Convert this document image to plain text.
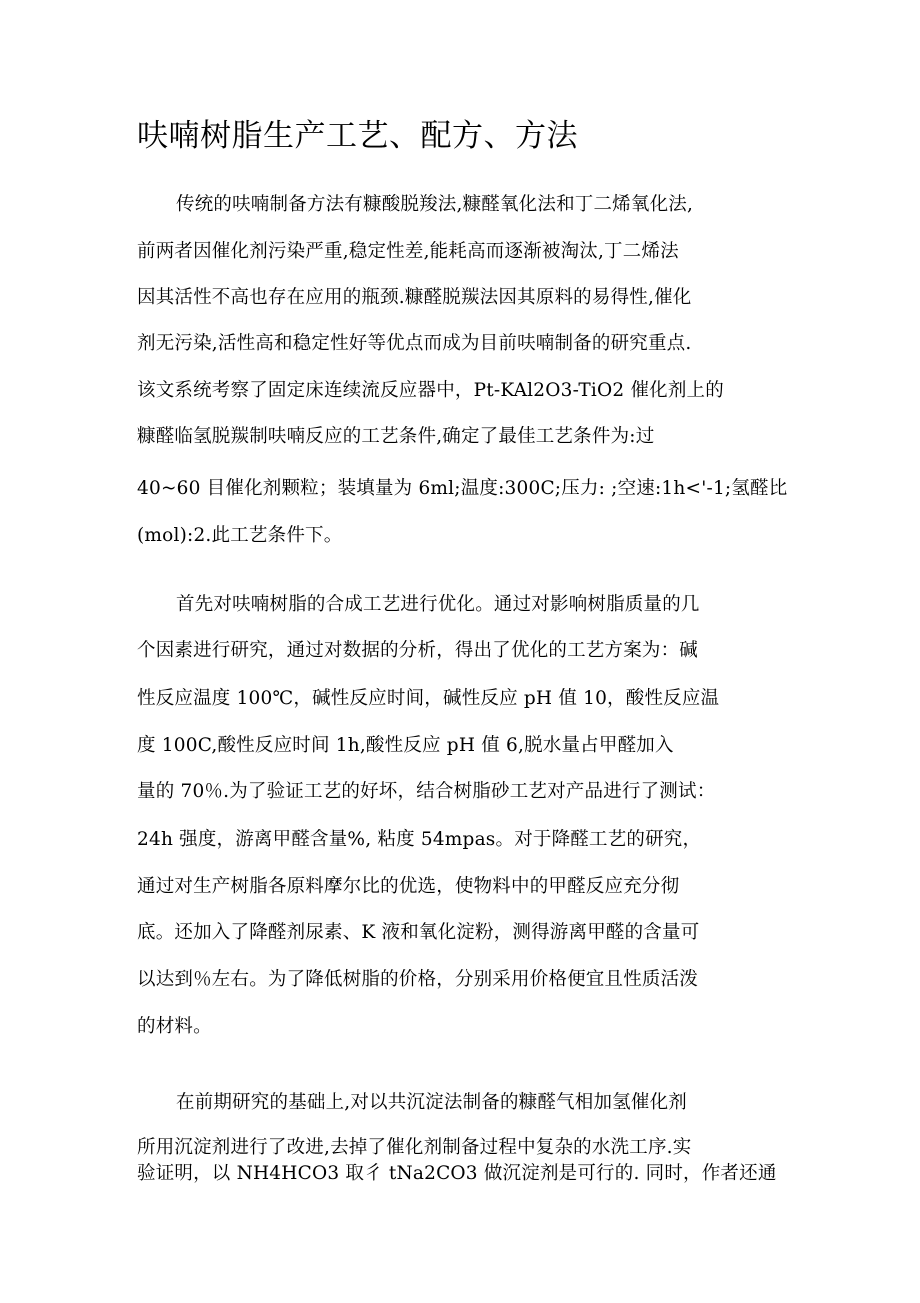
呋喃树脂生产工艺、配方、方法
传统的呋喃制备方法有糠酸脱羧法,糠醛氧化法和丁二烯氧化法,
前两者因催化剂污染严重,稳定性差,能耗高而逐渐被淘汰,丁二烯法
因其活性不高也存在应用的瓶颈.糠醛脱羰法因其原料的易得性,催化
剂无污染,活性高和稳定性好等优点而成为目前呋喃制备的研究重点.
该文系统考察了固定床连续流反应器中，Pt-KAl2O3-TiO2 催化剂上的
糠醛临氢脱羰制呋喃反应的工艺条件,确定了最佳工艺条件为:过
40~60 目催化剂颗粒；装填量为 6ml;温度:300C;压力: ;空速:1h<'-1;氢醛比
(mol):2.此工艺条件下。
首先对呋喃树脂的合成工艺进行优化。通过对影响树脂质量的几
个因素进行研究，通过对数据的分析，得出了优化的工艺方案为：碱
性反应温度 100℃，碱性反应时间，碱性反应 pH 值 10，酸性反应温
度 100C,酸性反应时间 1h,酸性反应 pH 值 6,脱水量占甲醛加入
量的 70％.为了验证工艺的好坏，结合树脂砂工艺对产品进行了测试：
24h 强度，游离甲醛含量%, 粘度 54mpas。对于降醛工艺的研究，
通过对生产树脂各原料摩尔比的优选，使物料中的甲醛反应充分彻
底。还加入了降醛剂尿素、K 液和氧化淀粉，测得游离甲醛的含量可
以达到％左右。为了降低树脂的价格，分别采用价格便宜且性质活泼
的材料。
在前期研究的基础上,对以共沉淀法制备的糠醛气相加氢催化剂
所用沉淀剂进行了改进,去掉了催化剂制备过程中复杂的水洗工序.实
验证明，以 NH4HCO3 取彳 tNa2CO3 做沉淀剂是可行的. 同时，作者还通
